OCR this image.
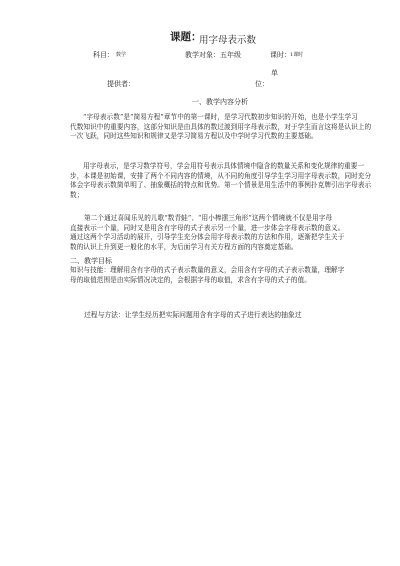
课题：
用字母表示数
科目： 数学	教学对象：五年级	课时： 1课时
单
提供者：	位：
一、教学内容分析
“字母表示数”是“简易方程”章节中的第一课时，是学习代数初步知识的开始，也是小学生学习
代数知识中的重要内容，这部分知识是由具体的数过渡到用字母表示数，对于学生而言这将是认识上的
一次飞跃，同时这些知识和规律又是学习简易方程以及中学时学习代数的主要基础。
用字母表示，是学习数学符号，学会用符号表示具体情境中隐含的数量关系和变化规律的重要一
步，本课是初始课，安排了两个不同内容的情境，从不同的角度引导学生学习用字母表示数，同时充分
体会字母表示数简单明了、抽象概括的特点和优势。第一个情景是用生活中的事例扑克牌引出字母表示
数；
第二个通过喜闻乐见的儿歌“数青蛙”、“用小棒摆三角形”这两个情境就不仅是用字母
直接表示一个量，同时又是用含有字母的式子表示另一个量，进一步体会字母表示数的意义。
通过这两个学习活动的展开，引导学生充分体会用字母表示数的方法和作用，逐渐把学生关于
数的认识上升到更一般化的水平，为后面学习有关方程方面的内容奠定基础。
二、教学目标
知识与技能：理解用含有字母的式子表示数量的意义，会用含有字母的式子表示数量，理解字
母的取值范围是由实际情况决定的，会根据字母的取值，求含有字母的式子的值。
过程与方法：让学生经历把实际问题用含有字母的式子进行表达的抽象过
